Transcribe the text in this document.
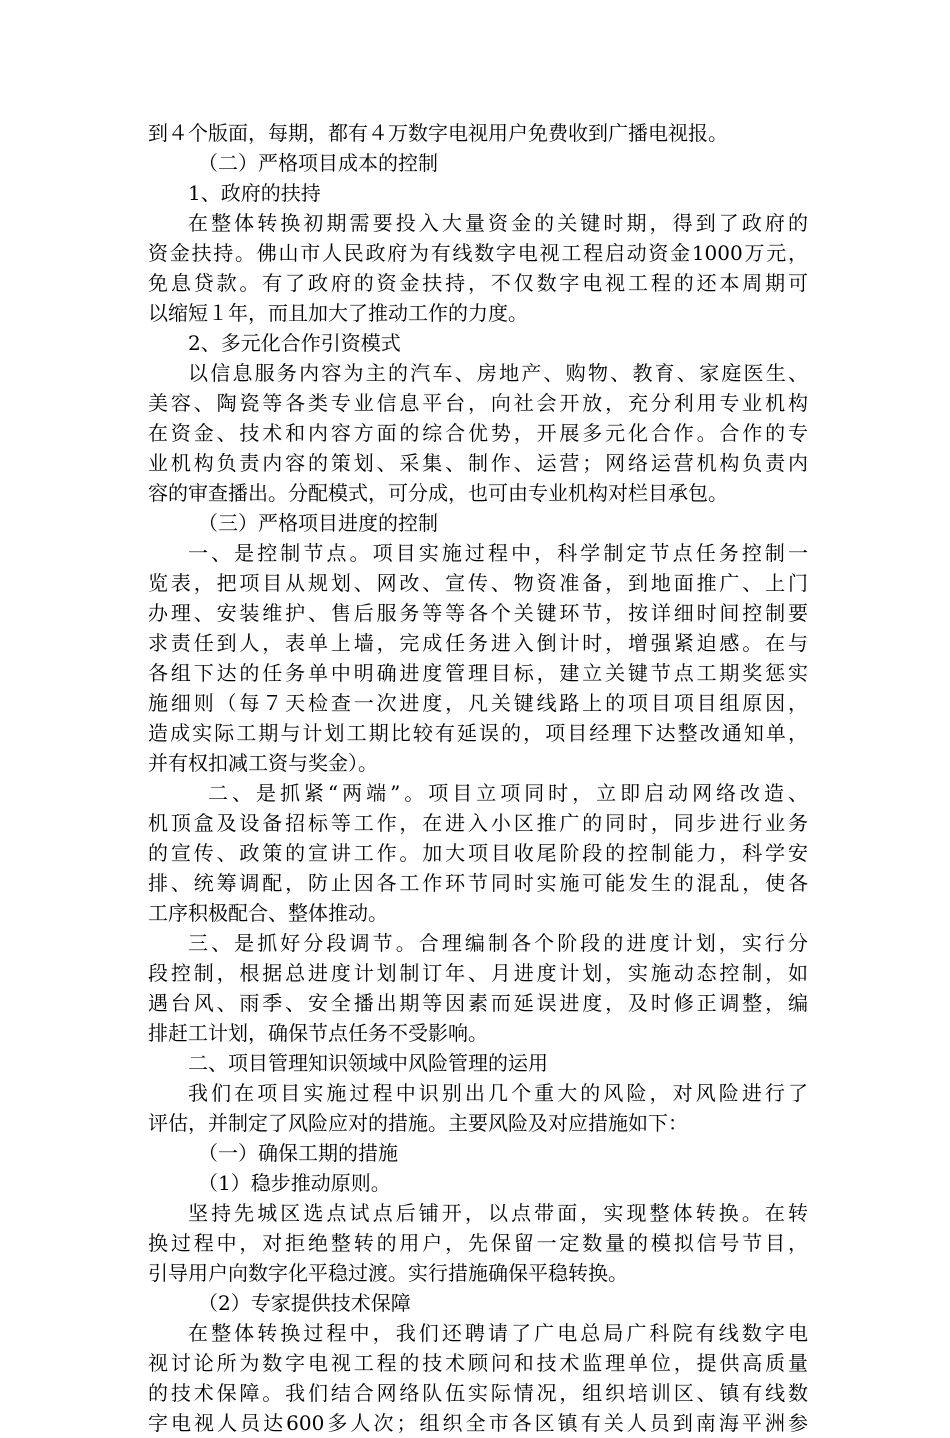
到４个版面，每期，都有４万数字电视用户免费收到广播电视报。
（二）严格项目成本的控制
1、政府的扶持
在整体转换初期需要投入大量资金的关键时期，得到了政府的
资金扶持。佛山市人民政府为有线数字电视工程启动资金1000万元，
免息贷款。有了政府的资金扶持，不仅数字电视工程的还本周期可
以缩短１年，而且加大了推动工作的力度。
2、多元化合作引资模式
以信息服务内容为主的汽车、房地产、购物、教育、家庭医生、
美容、陶瓷等各类专业信息平台，向社会开放，充分利用专业机构
在资金、技术和内容方面的综合优势，开展多元化合作。合作的专
业机构负责内容的策划、采集、制作、运营；网络运营机构负责内
容的审查播出。分配模式，可分成，也可由专业机构对栏目承包。
（三）严格项目进度的控制
一、是控制节点。项目实施过程中，科学制定节点任务控制一
览表，把项目从规划、网改、宣传、物资准备，到地面推广、上门
办理、安装维护、售后服务等等各个关键环节，按详细时间控制要
求责任到人，表单上墙，完成任务进入倒计时，增强紧迫感。在与
各组下达的任务单中明确进度管理目标，建立关键节点工期奖惩实
施细则（每７天检查一次进度，凡关键线路上的项目项目组原因，
造成实际工期与计划工期比较有延误的，项目经理下达整改通知单，
并有权扣减工资与奖金）。
二、是抓紧“两端”。项目立项同时，立即启动网络改造、
机顶盒及设备招标等工作，在进入小区推广的同时，同步进行业务
的宣传、政策的宣讲工作。加大项目收尾阶段的控制能力，科学安
排、统筹调配，防止因各工作环节同时实施可能发生的混乱，使各
工序积极配合、整体推动。
三、是抓好分段调节。合理编制各个阶段的进度计划，实行分
段控制，根据总进度计划制订年、月进度计划，实施动态控制，如
遇台风、雨季、安全播出期等因素而延误进度，及时修正调整，编
排赶工计划，确保节点任务不受影响。
二、项目管理知识领域中风险管理的运用
我们在项目实施过程中识别出几个重大的风险，对风险进行了
评估，并制定了风险应对的措施。主要风险及对应措施如下：
（一）确保工期的措施
（1）稳步推动原则。
坚持先城区选点试点后铺开，以点带面，实现整体转换。在转
换过程中，对拒绝整转的用户，先保留一定数量的模拟信号节目，
引导用户向数字化平稳过渡。实行措施确保平稳转换。
（2）专家提供技术保障
在整体转换过程中，我们还聘请了广电总局广科院有线数字电
视讨论所为数字电视工程的技术顾问和技术监理单位，提供高质量
的技术保障。我们结合网络队伍实际情况，组织培训区、镇有线数
字电视人员达600多人次；组织全市各区镇有关人员到南海平洲参
